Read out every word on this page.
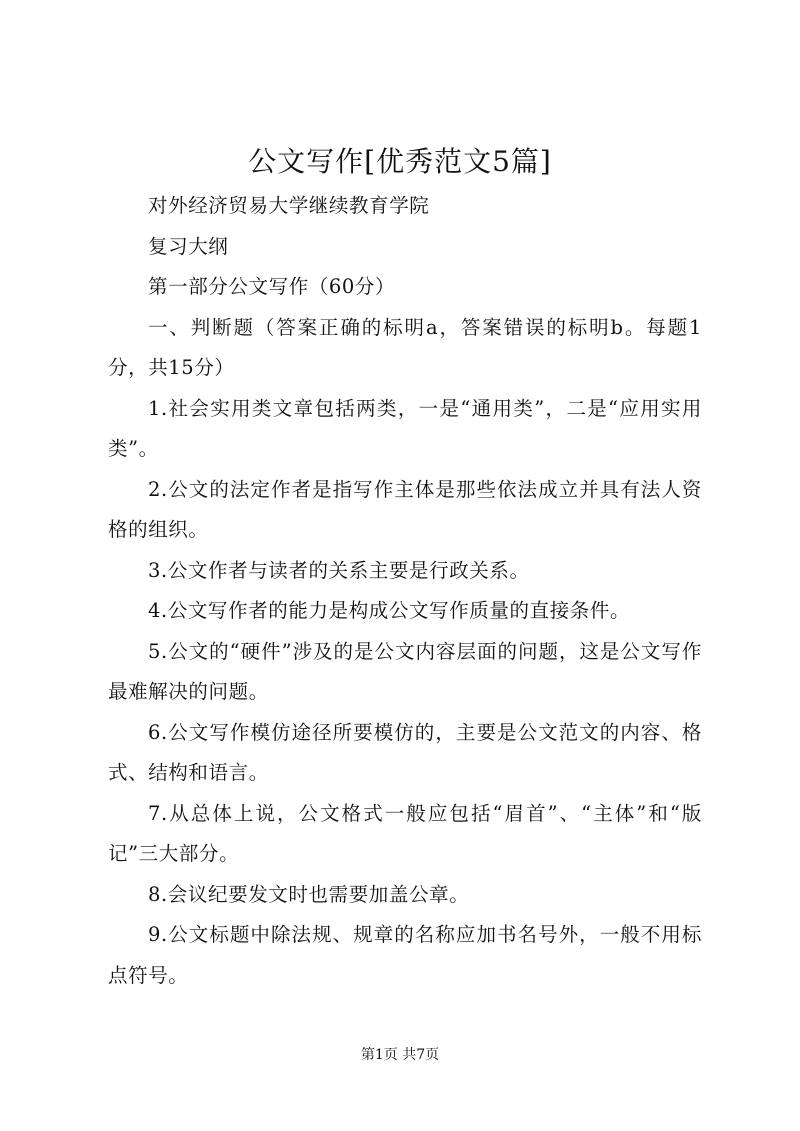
公文写作[优秀范文5篇]

对外经济贸易大学继续教育学院

复习大纲

第一部分公文写作（60分）

一、判断题（答案正确的标明a，答案错误的标明b。每题1分，共15分）

1.社会实用类文章包括两类，一是“通用类”，二是“应用实用类”。

2.公文的法定作者是指写作主体是那些依法成立并具有法人资格的组织。

3.公文作者与读者的关系主要是行政关系。

4.公文写作者的能力是构成公文写作质量的直接条件。

5.公文的“硬件”涉及的是公文内容层面的问题，这是公文写作最难解决的问题。

6.公文写作模仿途径所要模仿的，主要是公文范文的内容、格式、结构和语言。

7.从总体上说，公文格式一般应包括“眉首”、“主体”和“版记”三大部分。

8.会议纪要发文时也需要加盖公章。

9.公文标题中除法规、规章的名称应加书名号外，一般不用标点符号。

第1页 共7页
